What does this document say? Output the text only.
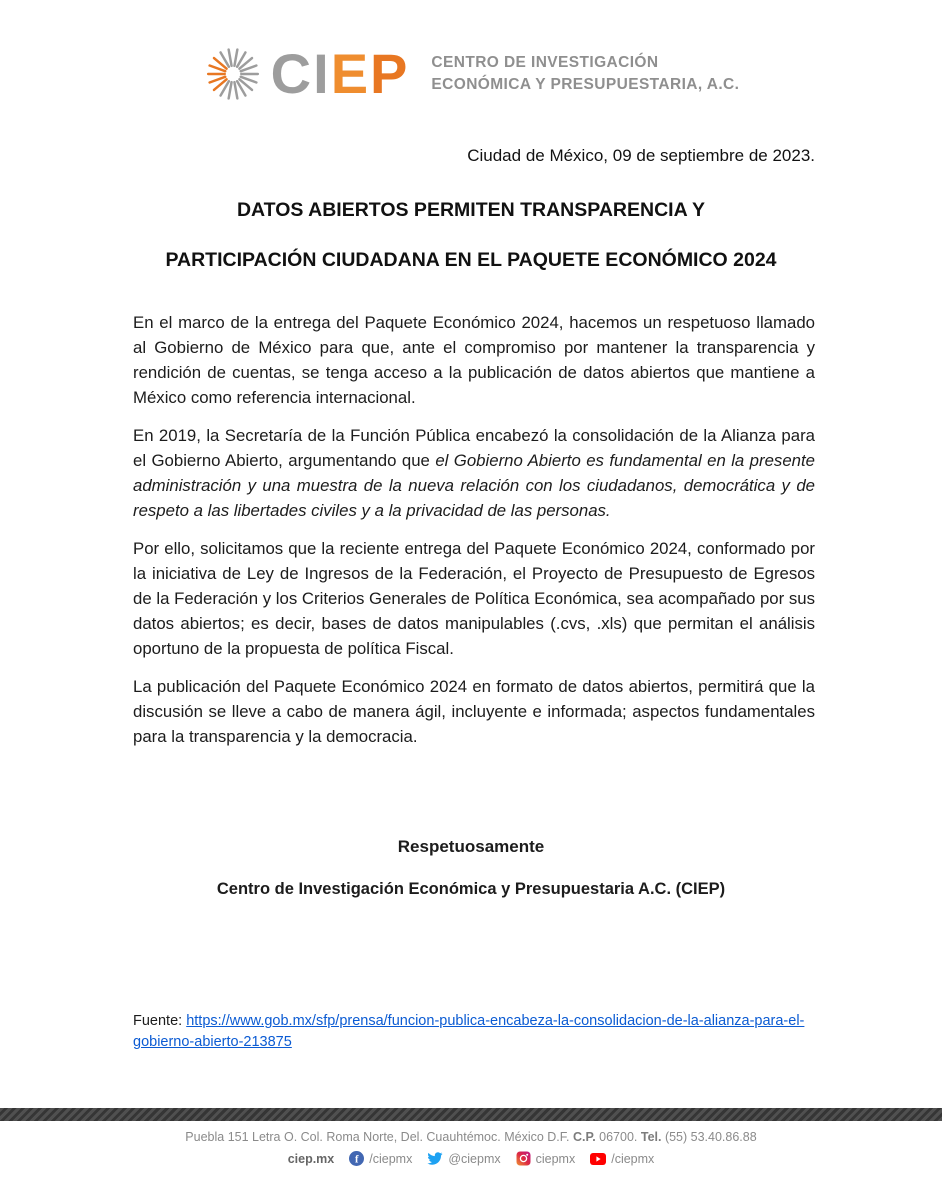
CIEP CENTRO DE INVESTIGACIÓN
ECONÓMICA Y PRESUPUESTARIA, A.C.
Ciudad de México, 09 de septiembre de 2023.
DATOS ABIERTOS PERMITEN TRANSPARENCIA Y
PARTICIPACIÓN CIUDADANA EN EL PAQUETE ECONÓMICO 2024

En el marco de la entrega del Paquete Económico 2024, hacemos un respetuoso llamado al Gobierno de México para que, ante el compromiso por mantener la transparencia y rendición de cuentas, se tenga acceso a la publicación de datos abiertos que mantiene a México como referencia internacional.

En 2019, la Secretaría de la Función Pública encabezó la consolidación de la Alianza para el Gobierno Abierto, argumentando que el Gobierno Abierto es fundamental en la presente administración y una muestra de la nueva relación con los ciudadanos, democrática y de respeto a las libertades civiles y a la privacidad de las personas.

Por ello, solicitamos que la reciente entrega del Paquete Económico 2024, conformado por la iniciativa de Ley de Ingresos de la Federación, el Proyecto de Presupuesto de Egresos de la Federación y los Criterios Generales de Política Económica, sea acompañado por sus datos abiertos; es decir, bases de datos manipulables (.cvs, .xls) que permitan el análisis oportuno de la propuesta de política Fiscal.

La publicación del Paquete Económico 2024 en formato de datos abiertos, permitirá que la discusión se lleve a cabo de manera ágil, incluyente e informada; aspectos fundamentales para la transparencia y la democracia.

Respetuosamente
Centro de Investigación Económica y Presupuestaria A.C. (CIEP)
Fuente: https://www.gob.mx/sfp/prensa/funcion-publica-encabeza-la-consolidacion-de-la-alianza-para-el-gobierno-abierto-213875
Puebla 151 Letra O. Col. Roma Norte, Del. Cuauhtémoc. México D.F. C.P. 06700. Tel. (55) 53.40.86.88
ciep.mx f /ciepmx	@ciepmx	ciepmx	/ciepmx
